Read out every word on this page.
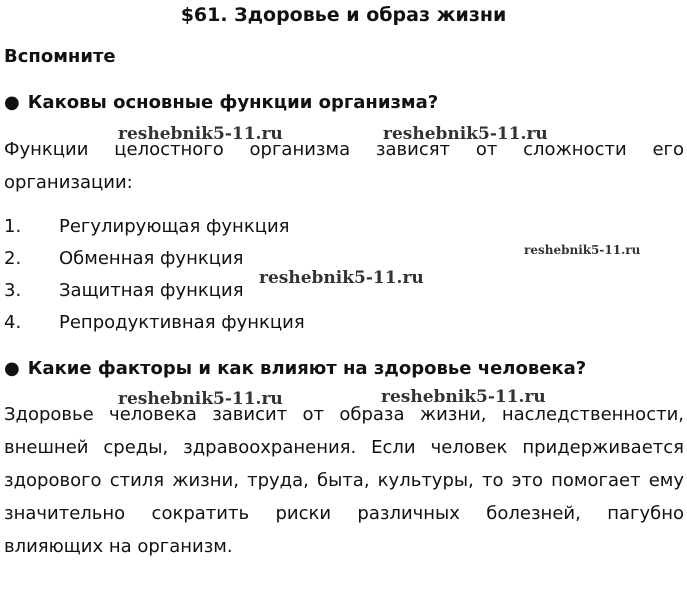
$61. Здоровье и образ жизни
Вспомните
● Каковы основные функции организма?

Функции целостного организма зависят от сложности его организации:

1.	Регулирующая функция
2.	Обменная функция
3.	Защитная функция
4.	Репродуктивная функция
● Какие факторы и как влияют на здоровье человека?

Здоровье человека зависит от образа жизни, наследственности, внешней среды, здравоохранения. Если человек придерживается здорового стиля жизни, труда, быта, культуры, то это помогает ему значительно сократить риски различных болезней, пагубно влияющих на организм.

reshebnik5-11.ru	reshebnik5-11.ru
reshebnik5-11.ru
reshebnik5-11.ru
reshebnik5-11.ru	reshebnik5-11.ru
